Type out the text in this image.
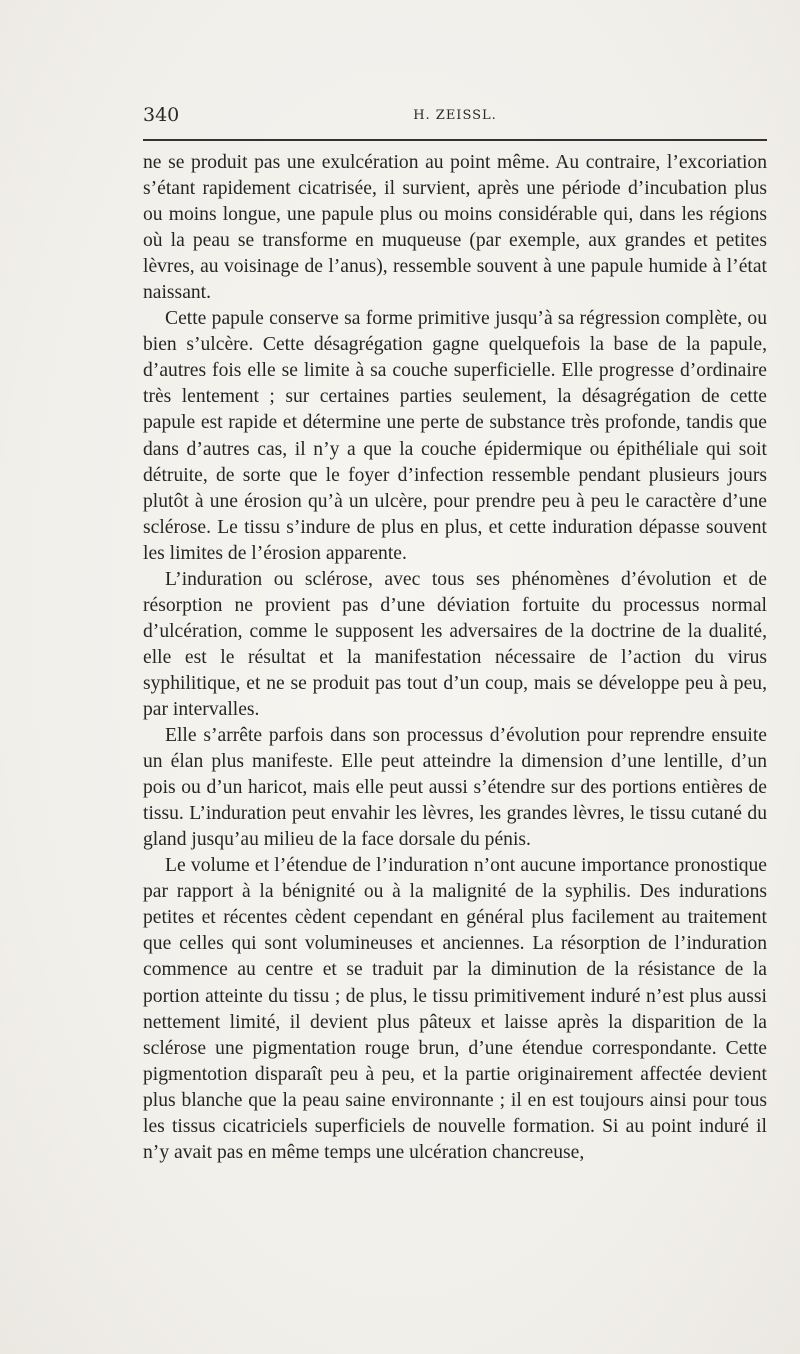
340	H. ZEISSL.

ne se produit pas une exulcération au point même. Au contraire, l’excoriation s’étant rapidement cicatrisée, il survient, après une période d’incubation plus ou moins longue, une papule plus ou moins considérable qui, dans les régions où la peau se transforme en muqueuse (par exemple, aux grandes et petites lèvres, au voisinage de l’anus), ressemble souvent à une papule humide à l’état naissant.

Cette papule conserve sa forme primitive jusqu’à sa régression complète, ou bien s’ulcère. Cette désagrégation gagne quelquefois la base de la papule, d’autres fois elle se limite à sa couche superficielle. Elle progresse d’ordinaire très lentement ; sur certaines parties seulement, la désagrégation de cette papule est rapide et détermine une perte de substance très profonde, tandis que dans d’autres cas, il n’y a que la couche épidermique ou épithéliale qui soit détruite, de sorte que le foyer d’infection ressemble pendant plusieurs jours plutôt à une érosion qu’à un ulcère, pour prendre peu à peu le caractère d’une sclérose. Le tissu s’indure de plus en plus, et cette induration dépasse souvent les limites de l’érosion apparente.

L’induration ou sclérose, avec tous ses phénomènes d’évolution et de résorption ne provient pas d’une déviation fortuite du processus normal d’ulcération, comme le supposent les adversaires de la doctrine de la dualité, elle est le résultat et la manifestation nécessaire de l’action du virus syphilitique, et ne se produit pas tout d’un coup, mais se développe peu à peu, par intervalles.

Elle s’arrête parfois dans son processus d’évolution pour reprendre ensuite un élan plus manifeste. Elle peut atteindre la dimension d’une lentille, d’un pois ou d’un haricot, mais elle peut aussi s’étendre sur des portions entières de tissu. L’induration peut envahir les lèvres, les grandes lèvres, le tissu cutané du gland jusqu’au milieu de la face dorsale du pénis.

Le volume et l’étendue de l’induration n’ont aucune importance pronostique par rapport à la bénignité ou à la malignité de la syphilis. Des indurations petites et récentes cèdent cependant en général plus facilement au traitement que celles qui sont volumineuses et anciennes. La résorption de l’induration commence au centre et se traduit par la diminution de la résistance de la portion atteinte du tissu ; de plus, le tissu primitivement induré n’est plus aussi nettement limité, il devient plus pâteux et laisse après la disparition de la sclérose une pigmentation rouge brun, d’une étendue correspondante. Cette pigmentotion disparaît peu à peu, et la partie originairement affectée devient plus blanche que la peau saine environnante ; il en est toujours ainsi pour tous les tissus cicatriciels superficiels de nouvelle formation. Si au point induré il n’y avait pas en même temps une ulcération chancreuse,
